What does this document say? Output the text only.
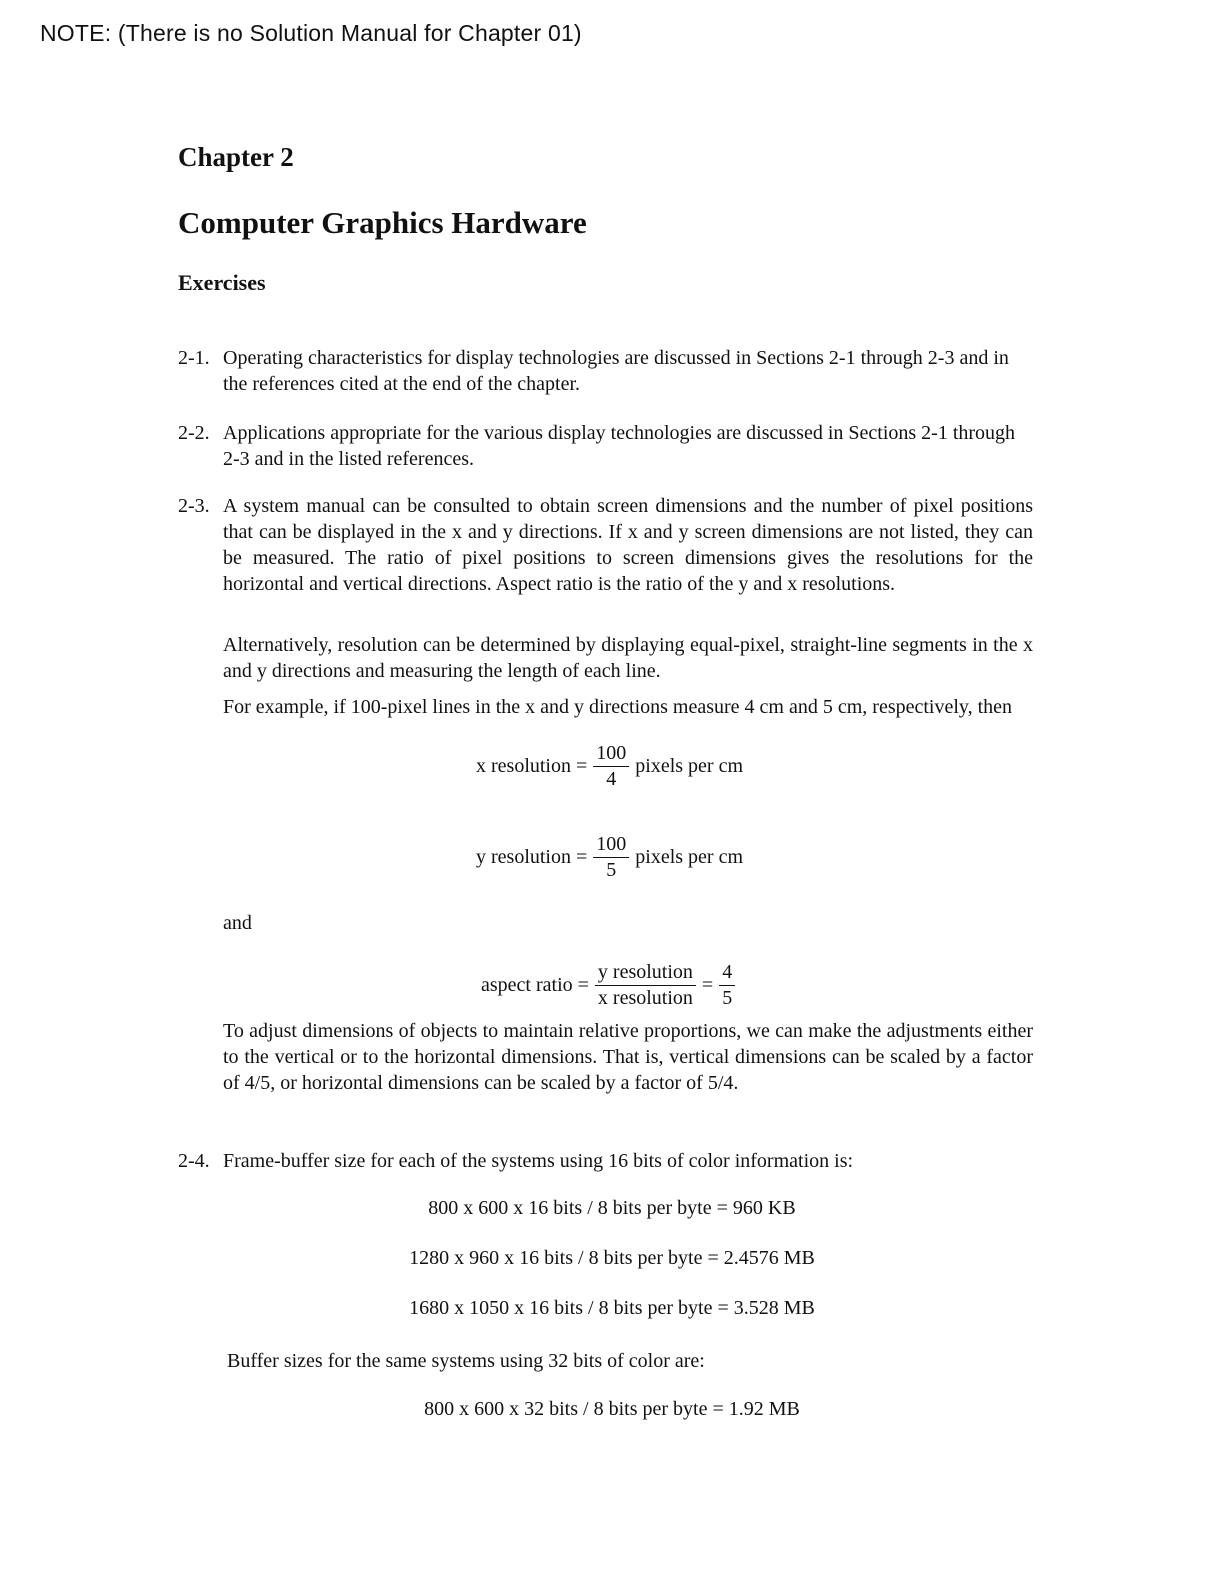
NOTE: (There is no Solution Manual for Chapter 01)
Chapter 2
Computer Graphics Hardware
Exercises
2-1. Operating characteristics for display technologies are discussed in Sections 2-1 through 2-3 and in the references cited at the end of the chapter.
2-2. Applications appropriate for the various display technologies are discussed in Sections 2-1 through 2-3 and in the listed references.
2-3. A system manual can be consulted to obtain screen dimensions and the number of pixel positions that can be displayed in the x and y directions. If x and y screen dimensions are not listed, they can be measured. The ratio of pixel positions to screen dimensions gives the resolutions for the horizontal and vertical directions. Aspect ratio is the ratio of the y and x resolutions.
Alternatively, resolution can be determined by displaying equal-pixel, straight-line segments in the x and y directions and measuring the length of each line.
For example, if 100-pixel lines in the x and y directions measure 4 cm and 5 cm, respectively, then
x resolution = $\frac{100}{4}$ pixels per cm
y resolution = $\frac{100}{5}$ pixels per cm
and
aspect ratio = $\frac{\text{y resolution}}{\text{x resolution}} = \frac{4}{5}$
To adjust dimensions of objects to maintain relative proportions, we can make the adjustments either to the vertical or to the horizontal dimensions. That is, vertical dimensions can be scaled by a factor of 4/5, or horizontal dimensions can be scaled by a factor of 5/4.
2-4. Frame-buffer size for each of the systems using 16 bits of color information is:
800 x 600 x 16 bits / 8 bits per byte = 960 KB
1280 x 960 x 16 bits / 8 bits per byte = 2.4576 MB
1680 x 1050 x 16 bits / 8 bits per byte = 3.528 MB
Buffer sizes for the same systems using 32 bits of color are:
800 x 600 x 32 bits / 8 bits per byte = 1.92 MB
